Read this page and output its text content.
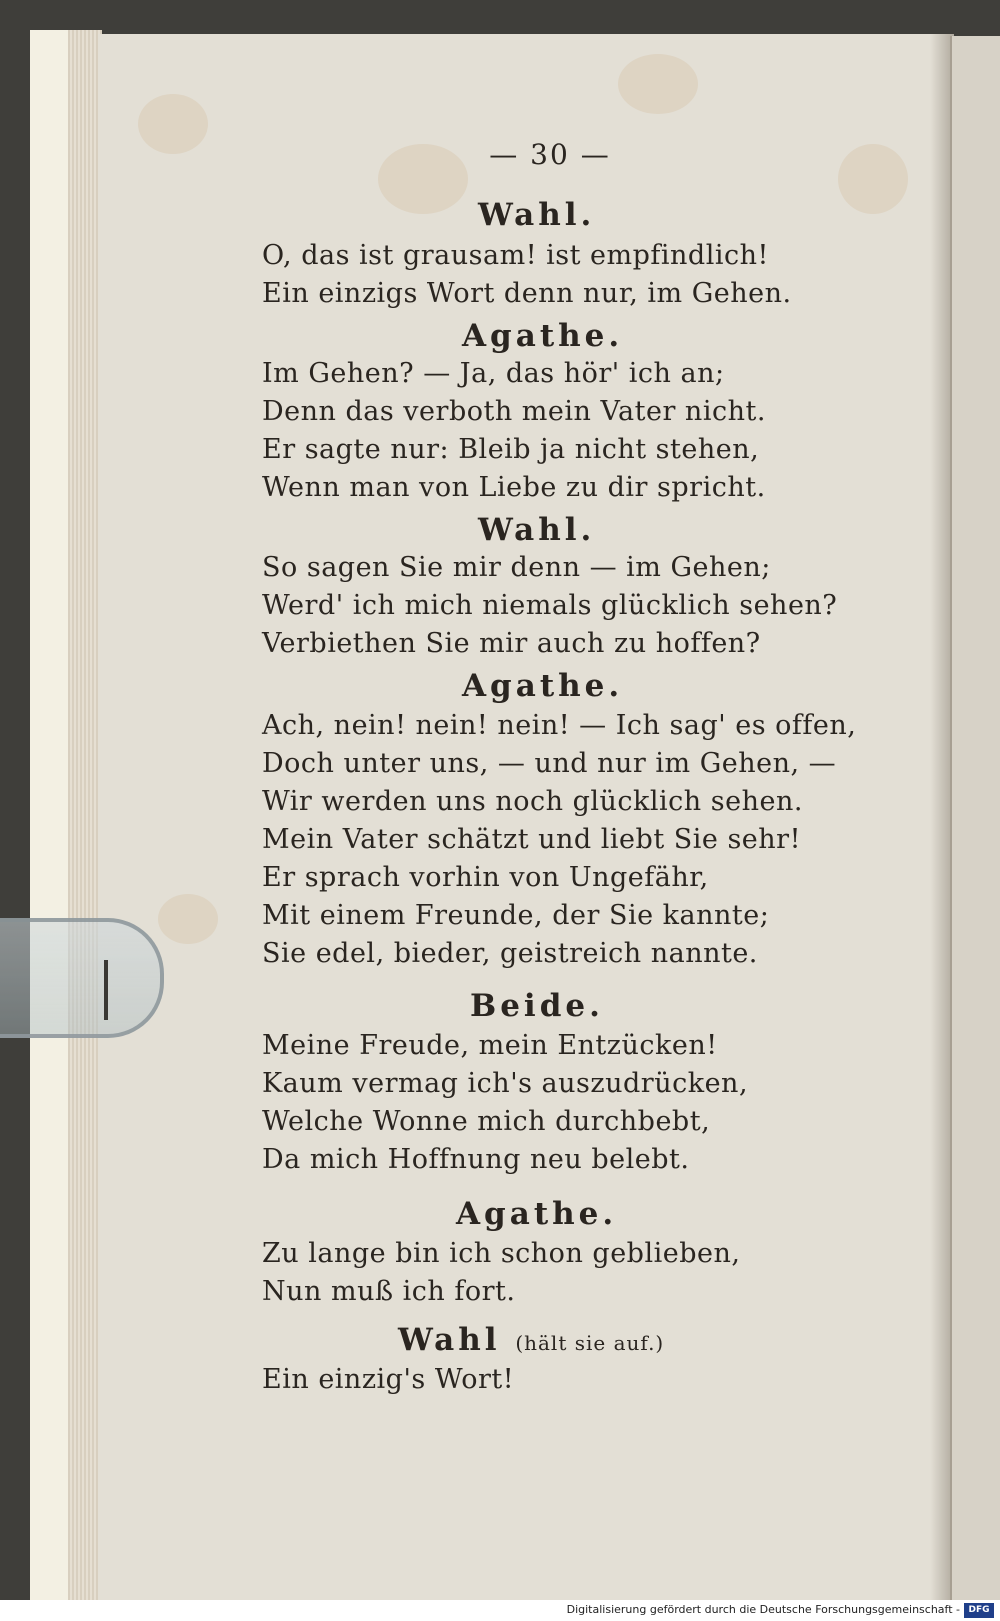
— 30 —
Wahl.
O, das ist grausam! ist empfindlich!
Ein einzigs Wort denn nur, im Gehen.
Agathe.
Im Gehen? — Ja, das hör' ich an;
Denn das verboth mein Vater nicht.
Er sagte nur: Bleib ja nicht stehen,
Wenn man von Liebe zu dir spricht.
Wahl.
So sagen Sie mir denn — im Gehen;
Werd' ich mich niemals glücklich sehen?
Verbiethen Sie mir auch zu hoffen?
Agathe.
Ach, nein! nein! nein! — Ich sag' es offen,
Doch unter uns, — und nur im Gehen, —
Wir werden uns noch glücklich sehen.
Mein Vater schätzt und liebt Sie sehr!
Er sprach vorhin von Ungefähr,
Mit einem Freunde, der Sie kannte;
Sie edel, bieder, geistreich nannte.
Beide.
Meine Freude, mein Entzücken!
Kaum vermag ich's auszudrücken,
Welche Wonne mich durchbebt,
Da mich Hoffnung neu belebt.
Agathe.
Zu lange bin ich schon geblieben,
Nun muß ich fort.
Wahl (hält sie auf.)
Ein einzig's Wort!
Digitalisierung gefördert durch die Deutsche Forschungsgemeinschaft - DFG
